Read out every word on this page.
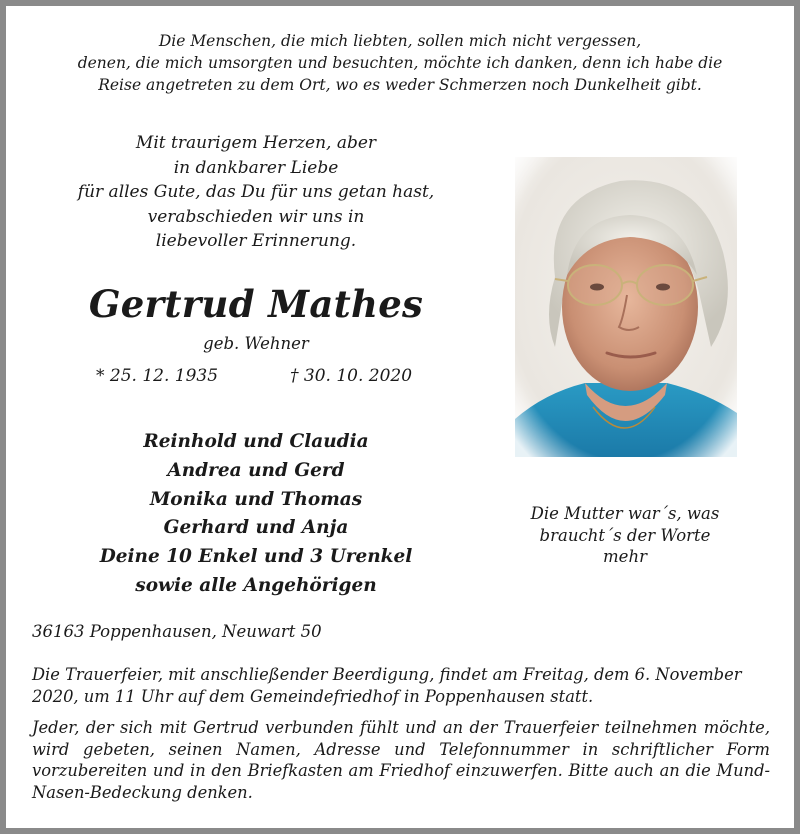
Die Menschen, die mich liebten, sollen mich nicht vergessen,
denen, die mich umsorgten und besuchten, möchte ich danken, denn ich habe die
Reise angetreten zu dem Ort, wo es weder Schmerzen noch Dunkelheit gibt.
Mit traurigem Herzen, aber
in dankbarer Liebe
für alles Gute, das Du für uns getan hast,
verabschieden wir uns in
liebevoller Erinnerung.
Gertrud Mathes
geb. Wehner
* 25. 12. 1935	† 30. 10. 2020
Reinhold und Claudia
Andrea und Gerd
Monika und Thomas
Gerhard und Anja
Deine 10 Enkel und 3 Urenkel
sowie alle Angehörigen
Die Mutter war´s, was
braucht´s der Worte
mehr
36163 Poppenhausen, Neuwart 50
Die Trauerfeier, mit anschließender Beerdigung, findet am Freitag, dem 6. November 2020, um 11 Uhr auf dem Gemeindefriedhof in Poppenhausen statt.
Jeder, der sich mit Gertrud verbunden fühlt und an der Trauerfeier teilnehmen möchte, wird gebeten, seinen Namen, Adresse und Telefonnummer in schriftlicher Form vorzubereiten und in den Briefkasten am Friedhof einzuwerfen. Bitte auch an die Mund-Nasen-Bedeckung denken.
